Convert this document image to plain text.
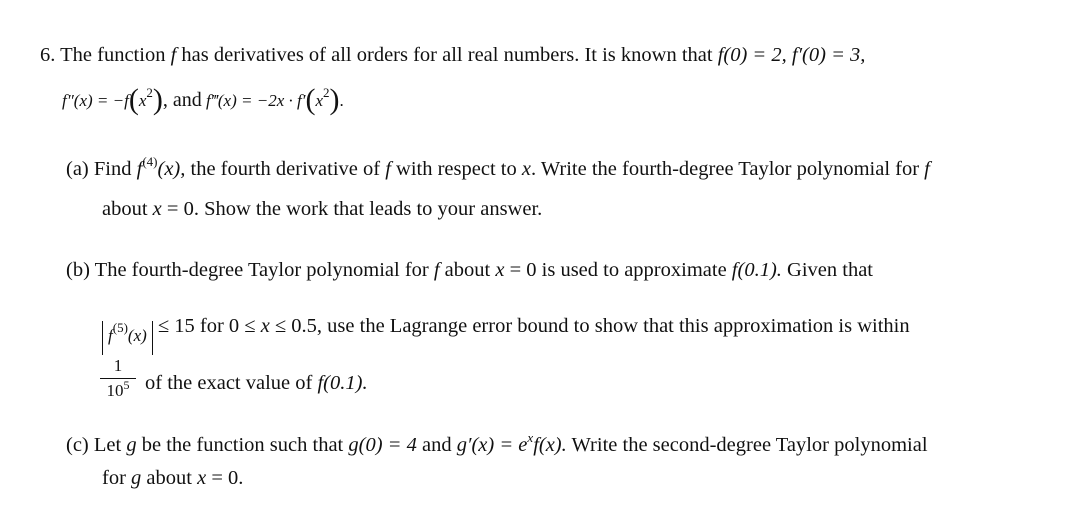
6. The function f has derivatives of all orders for all real numbers. It is known that f(0) = 2, f′(0) = 3,
$f''(x) = -f(x^2)$, and f‴(x) = $-2x \cdot f'(x^2)$.
(a) Find $f^{(4)}(x)$, the fourth derivative of f with respect to x. Write the fourth-degree Taylor polynomial for f
about x = 0. Show the work that leads to your answer.
(b) The fourth-degree Taylor polynomial for f about x = 0 is used to approximate f(0.1). Given that
$f^{(5)}(x) \le 15$ for 0 ≤ x ≤ 0.5, use the Lagrange error bound to show that this approximation is within
1
$10^5$ of the exact value of f(0.1).
(c) Let g be the function such that g(0) = 4 and $g'(x) = e^xf(x)$. Write the second-degree Taylor polynomial
for g about x = 0.
